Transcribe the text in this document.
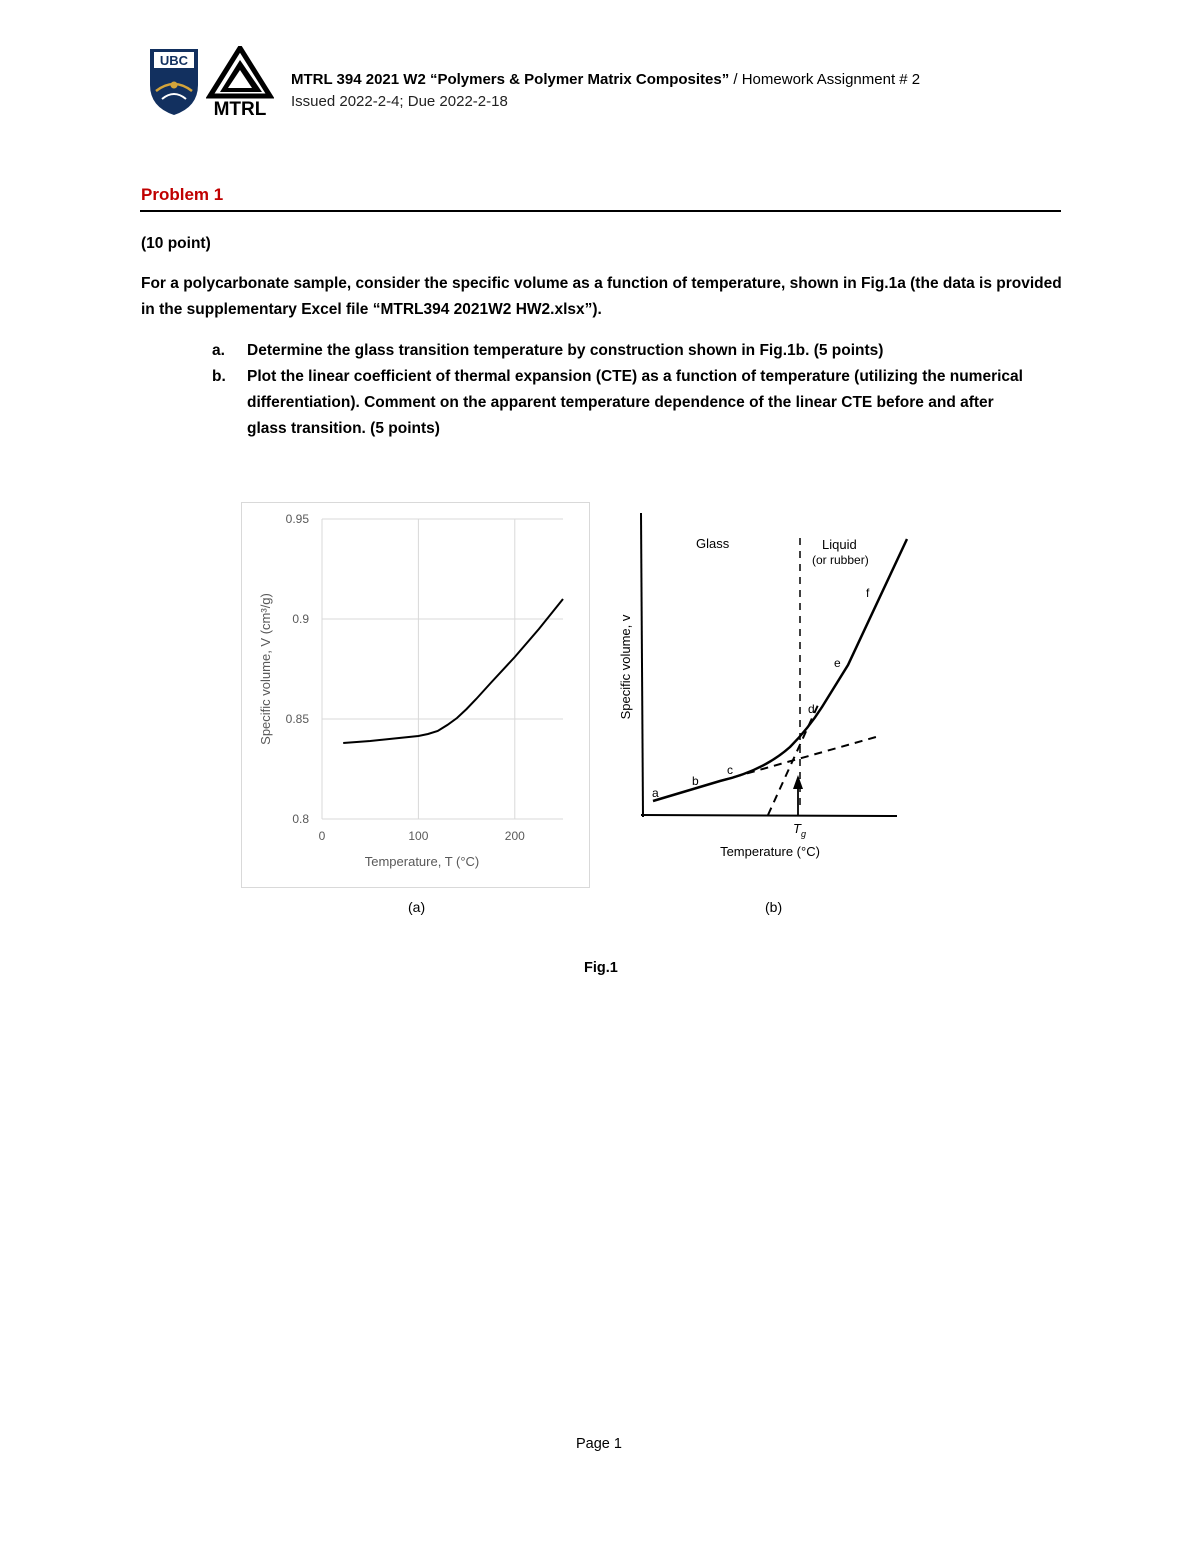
UBC
MTRL
MTRL 394 2021 W2 “Polymers & Polymer Matrix Composites” / Homework Assignment # 2
Issued 2022-2-4; Due 2022-2-18
Problem 1
(10 point)
For a polycarbonate sample, consider the specific volume as a function of temperature, shown in Fig.1a (the data is provided in the supplementary Excel file “MTRL394 2021W2 HW2.xlsx”).
a. Determine the glass transition temperature by construction shown in Fig.1b. (5 points)
b. Plot the linear coefficient of thermal expansion (CTE) as a function of temperature (utilizing the numerical differentiation). Comment on the apparent temperature dependence of the linear CTE before and after glass transition. (5 points)
0.8
0.85
0.9
0.95
0	100	200
Temperature, T (°C)
Specific volume, V (cm³/g)
Glass	Liquid
(or rubber)
a
b
c
d
e
f
$T_g$
Temperature (°C)
Specific volume, v
(a)	(b)
Fig.1
Page 1
